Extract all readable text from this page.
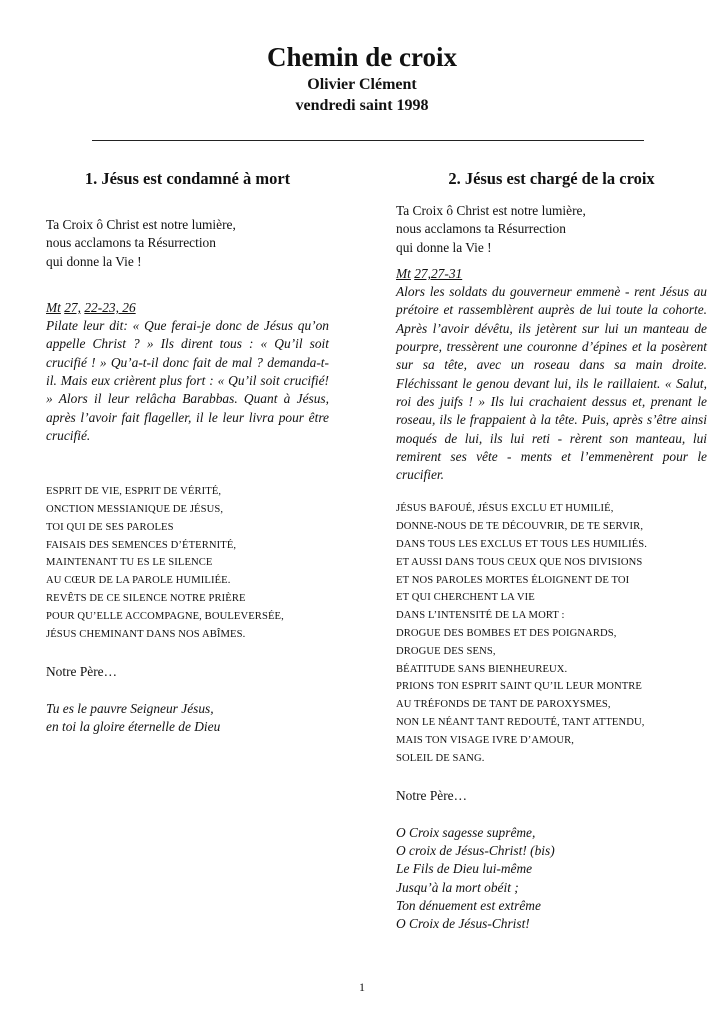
Chemin de croix
Olivier Clément
vendredi saint 1998
1. Jésus est condamné à mort
Ta Croix ô Christ est notre lumière,
nous acclamons ta Résurrection
qui donne la Vie !
Mt 27, 22-23, 26
Pilate leur dit: « Que ferai-je donc de Jésus qu’on appelle Christ ? » Ils dirent tous : « Qu’il soit crucifié ! » Qu’a-t-il donc fait de mal ? demanda-t-il. Mais eux crièrent plus fort : « Qu’il soit crucifié! » Alors il leur relâcha Barabbas. Quant à Jésus, après l’avoir fait flageller, il le leur livra pour être crucifié.
ESPRIT DE VIE, ESPRIT DE VÉRITÉ,
ONCTION MESSIANIQUE DE JÉSUS,
TOI QUI DE SES PAROLES
FAISAIS DES SEMENCES D’ÉTERNITÉ,
MAINTENANT TU ES LE SILENCE
AU CŒUR DE LA PAROLE HUMILIÉE.
REVÊTS DE CE SILENCE NOTRE PRIÈRE
POUR QU’ELLE ACCOMPAGNE, BOULEVERSÉE,
JÉSUS CHEMINANT DANS NOS ABÎMES.
Notre Père…
Tu es le pauvre Seigneur Jésus,
en toi la gloire éternelle de Dieu
2. Jésus est chargé de la croix
Ta Croix ô Christ est notre lumière,
nous acclamons ta Résurrection
qui donne la Vie !
Mt 27,27-31
Alors les soldats du gouverneur emmenè - rent Jésus au prétoire et rassemblèrent auprès de lui toute la cohorte. Après l’avoir dévêtu, ils jetèrent sur lui un manteau de pourpre, tressèrent une couronne d’épines et la posèrent sur sa tête, avec un roseau dans sa main droite. Fléchissant le genou devant lui, ils le raillaient. « Salut, roi des juifs ! » Ils lui crachaient dessus et, prenant le roseau, ils le frappaient à la tête. Puis, après s’être ainsi moqués de lui, ils lui reti - rèrent son manteau, lui remirent ses vête - ments et l’emmenèrent pour le crucifier.
JÉSUS BAFOUÉ, JÉSUS EXCLU ET HUMILIÉ,
DONNE-NOUS DE TE DÉCOUVRIR, DE TE SERVIR,
DANS TOUS LES EXCLUS ET TOUS LES HUMILIÉS.
ET AUSSI DANS TOUS CEUX QUE NOS DIVISIONS
ET NOS PAROLES MORTES ÉLOIGNENT DE TOI
ET QUI CHERCHENT LA VIE
DANS L’INTENSITÉ DE LA MORT :
DROGUE DES BOMBES ET DES POIGNARDS,
DROGUE DES SENS,
BÉATITUDE SANS BIENHEUREUX.
PRIONS TON ESPRIT SAINT QU’IL LEUR MONTRE
AU TRÉFONDS DE TANT DE PAROXYSMES,
NON LE NÉANT TANT REDOUTÉ, TANT ATTENDU,
MAIS TON VISAGE IVRE D’AMOUR,
SOLEIL DE SANG.
Notre Père…
O Croix sagesse suprême,
O croix de Jésus-Christ! (bis)
Le Fils de Dieu lui-même
Jusqu’à la mort obéit ;
Ton dénuement est extrême
O Croix de Jésus-Christ!
1
